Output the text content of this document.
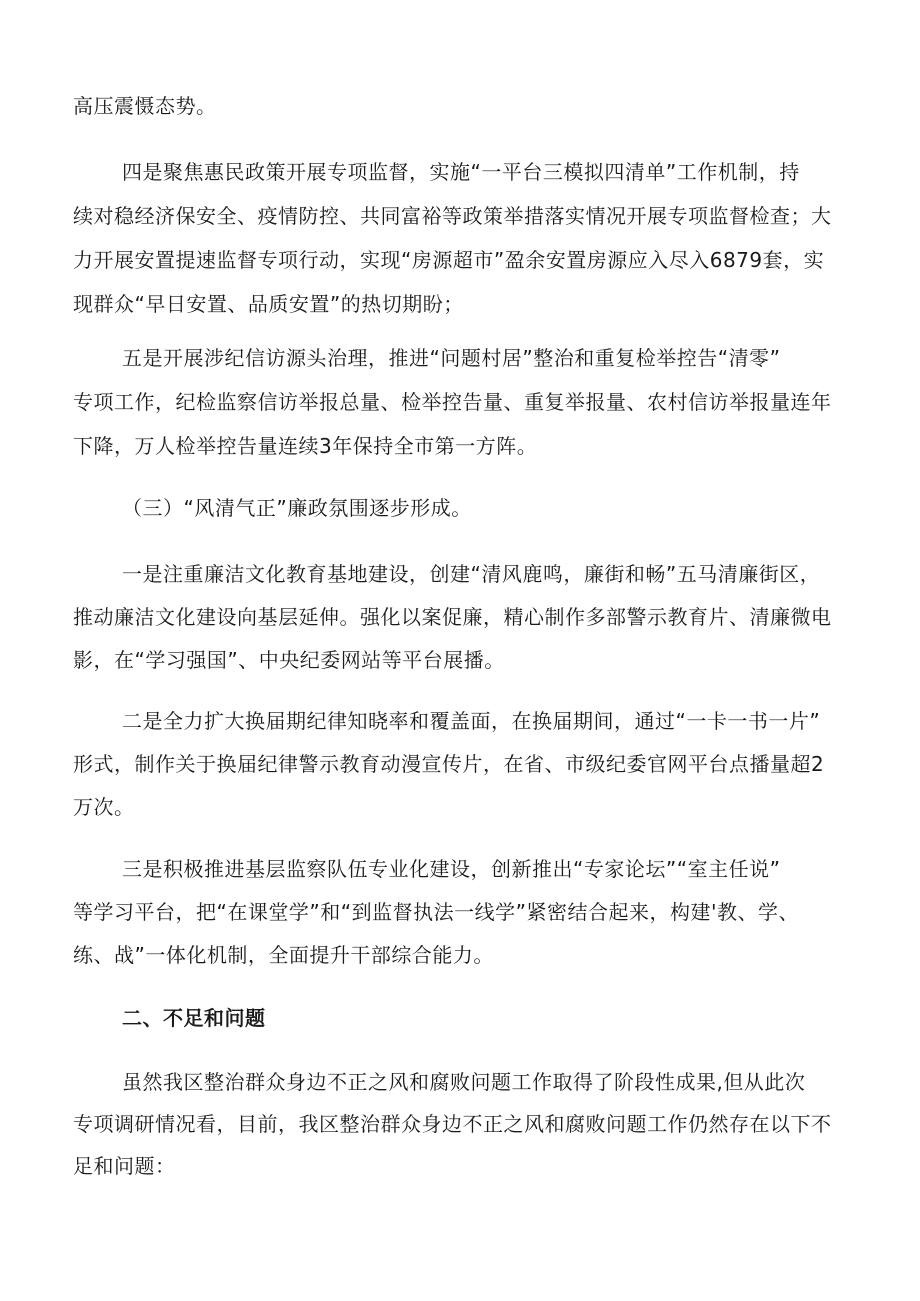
高压震慑态势。
四是聚焦惠民政策开展专项监督，实施“一平台三模拟四清单”工作机制，持
续对稳经济保安全、疫情防控、共同富裕等政策举措落实情况开展专项监督检查；大
力开展安置提速监督专项行动，实现“房源超市”盈余安置房源应入尽入6879套，实
现群众“早日安置、品质安置”的热切期盼；
五是开展涉纪信访源头治理，推进“问题村居”整治和重复检举控告“清零”
专项工作，纪检监察信访举报总量、检举控告量、重复举报量、农村信访举报量连年
下降，万人检举控告量连续3年保持全市第一方阵。
（三）“风清气正”廉政氛围逐步形成。
一是注重廉洁文化教育基地建设，创建“清风鹿鸣，廉街和畅”五马清廉街区，
推动廉洁文化建设向基层延伸。强化以案促廉，精心制作多部警示教育片、清廉微电
影，在“学习强国”、中央纪委网站等平台展播。
二是全力扩大换届期纪律知晓率和覆盖面，在换届期间，通过“一卡一书一片”
形式，制作关于换届纪律警示教育动漫宣传片，在省、市级纪委官网平台点播量超2
万次。
三是积极推进基层监察队伍专业化建设，创新推出“专家论坛”“室主任说”
等学习平台，把“在课堂学”和“到监督执法一线学”紧密结合起来，构建'教、学、
练、战”一体化机制，全面提升干部综合能力。
二、不足和问题
虽然我区整治群众身边不正之风和腐败问题工作取得了阶段性成果,但从此次
专项调研情况看，目前，我区整治群众身边不正之风和腐败问题工作仍然存在以下不
足和问题：
